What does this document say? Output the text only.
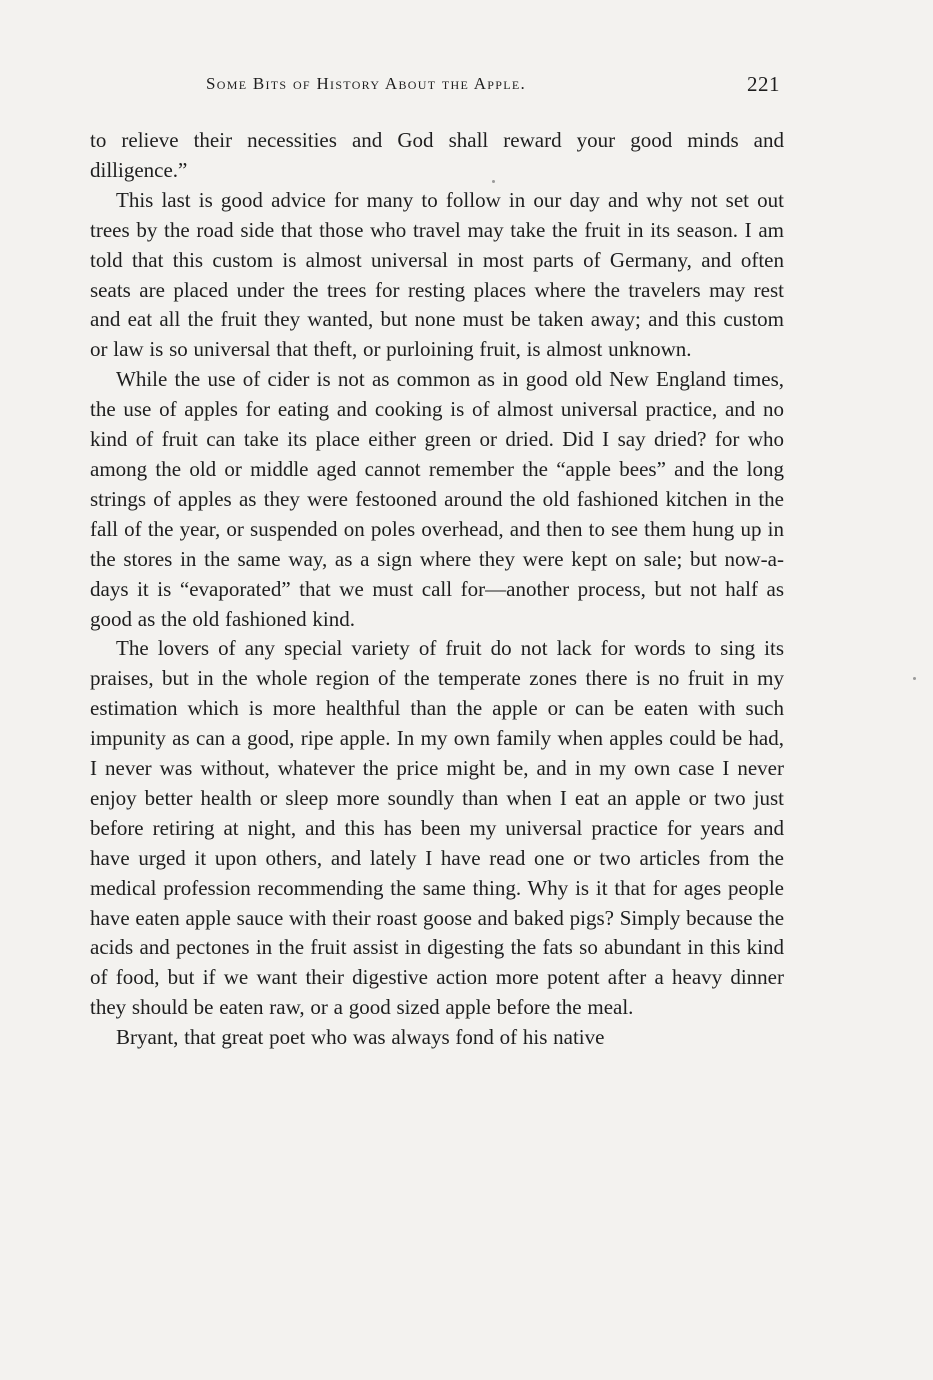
Some Bits of History About the Apple.	221

to relieve their necessities and God shall reward your good minds and dilligence.”

This last is good advice for many to follow in our day and why not set out trees by the road side that those who travel may take the fruit in its season. I am told that this custom is almost universal in most parts of Germany, and often seats are placed under the trees for resting places where the travelers may rest and eat all the fruit they wanted, but none must be taken away; and this custom or law is so universal that theft, or purloining fruit, is almost unknown.

While the use of cider is not as common as in good old New England times, the use of apples for eating and cooking is of almost universal practice, and no kind of fruit can take its place either green or dried. Did I say dried? for who among the old or middle aged cannot remember the “apple bees” and the long strings of apples as they were festooned around the old fashioned kitchen in the fall of the year, or suspended on poles overhead, and then to see them hung up in the stores in the same way, as a sign where they were kept on sale; but now-a-days it is “evaporated” that we must call for—another process, but not half as good as the old fashioned kind.

The lovers of any special variety of fruit do not lack for words to sing its praises, but in the whole region of the temperate zones there is no fruit in my estimation which is more healthful than the apple or can be eaten with such impunity as can a good, ripe apple. In my own family when apples could be had, I never was without, whatever the price might be, and in my own case I never enjoy better health or sleep more soundly than when I eat an apple or two just before retiring at night, and this has been my universal practice for years and have urged it upon others, and lately I have read one or two articles from the medical profession recommending the same thing. Why is it that for ages people have eaten apple sauce with their roast goose and baked pigs? Simply because the acids and pectones in the fruit assist in digesting the fats so abundant in this kind of food, but if we want their digestive action more potent after a heavy dinner they should be eaten raw, or a good sized apple before the meal.

Bryant, that great poet who was always fond of his native
